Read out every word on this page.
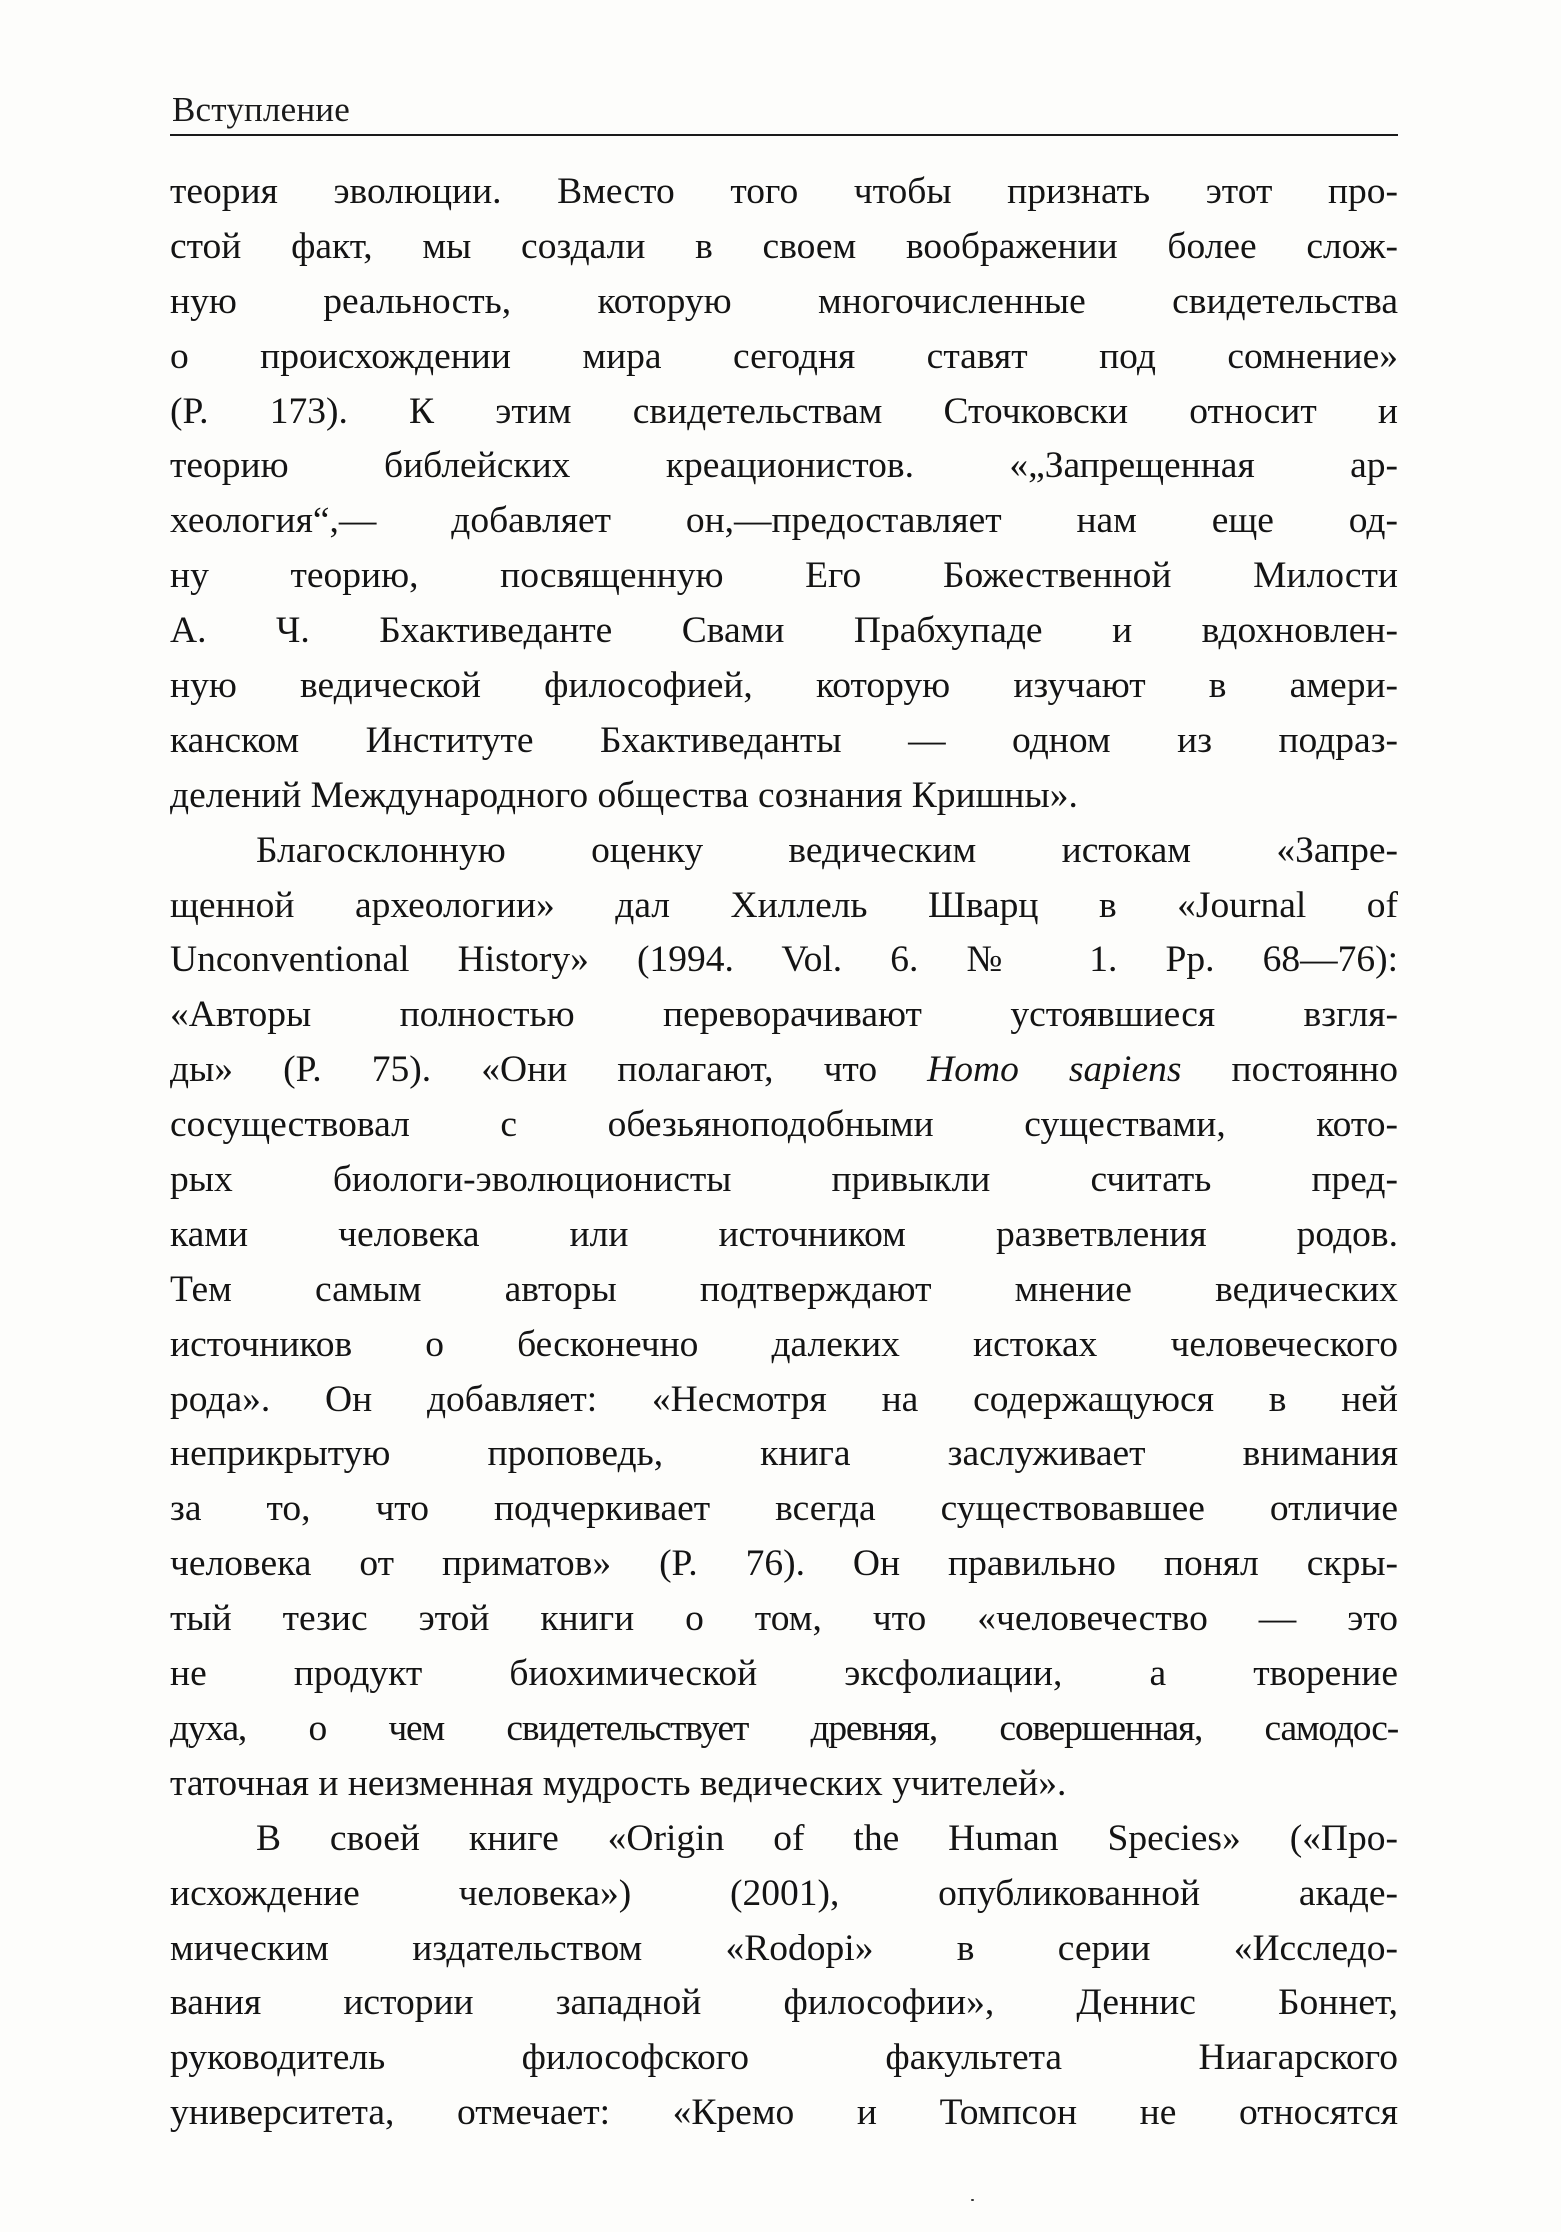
Вступление
теория эволюции. Вместо того чтобы признать этот про-
стой факт, мы создали в своем воображении более слож-
ную реальность, которую многочисленные свидетельства
о происхождении мира сегодня ставят под сомнение»
(P. 173). К этим свидетельствам Сточковски относит и
теорию библейских креационистов. «„Запрещенная ар-
хеология“,— добавляет он,—предоставляет нам еще од-
ну теорию, посвященную Его Божественной Милости
А. Ч. Бхактиведанте Свами Прабхупаде и вдохновлен-
ную ведической философией, которую изучают в амери-
канском Институте Бхактиведанты — одном из подраз-
делений Международного общества сознания Кришны».
Благосклонную оценку ведическим истокам «Запре-
щенной археологии» дал Хиллель Шварц в «Journal of
Unconventional History» (1994. Vol. 6. № 1. Pp. 68—76):
«Авторы полностью переворачивают устоявшиеся взгля-
ды» (P. 75). «Они полагают, что Homo sapiens постоянно
сосуществовал с обезьяноподобными существами, кото-
рых биологи-эволюционисты привыкли считать пред-
ками человека или источником разветвления родов.
Тем самым авторы подтверждают мнение ведических
источников о бесконечно далеких истоках человеческого
рода». Он добавляет: «Несмотря на содержащуюся в ней
неприкрытую проповедь, книга заслуживает внимания
за то, что подчеркивает всегда существовавшее отличие
человека от приматов» (P. 76). Он правильно понял скры-
тый тезис этой книги о том, что «человечество — это
не продукт биохимической эксфолиации, а творение
духа, о чем свидетельствует древняя, совершенная, самодос-
таточная и неизменная мудрость ведических учителей».
В своей книге «Origin of the Human Species» («Про-
исхождение человека») (2001), опубликованной акаде-
мическим издательством «Rodopi» в серии «Исследо-
вания истории западной философии», Деннис Боннет,
руководитель философского факультета Ниагарского
университета, отмечает: «Кремо и Томпсон не относятся
